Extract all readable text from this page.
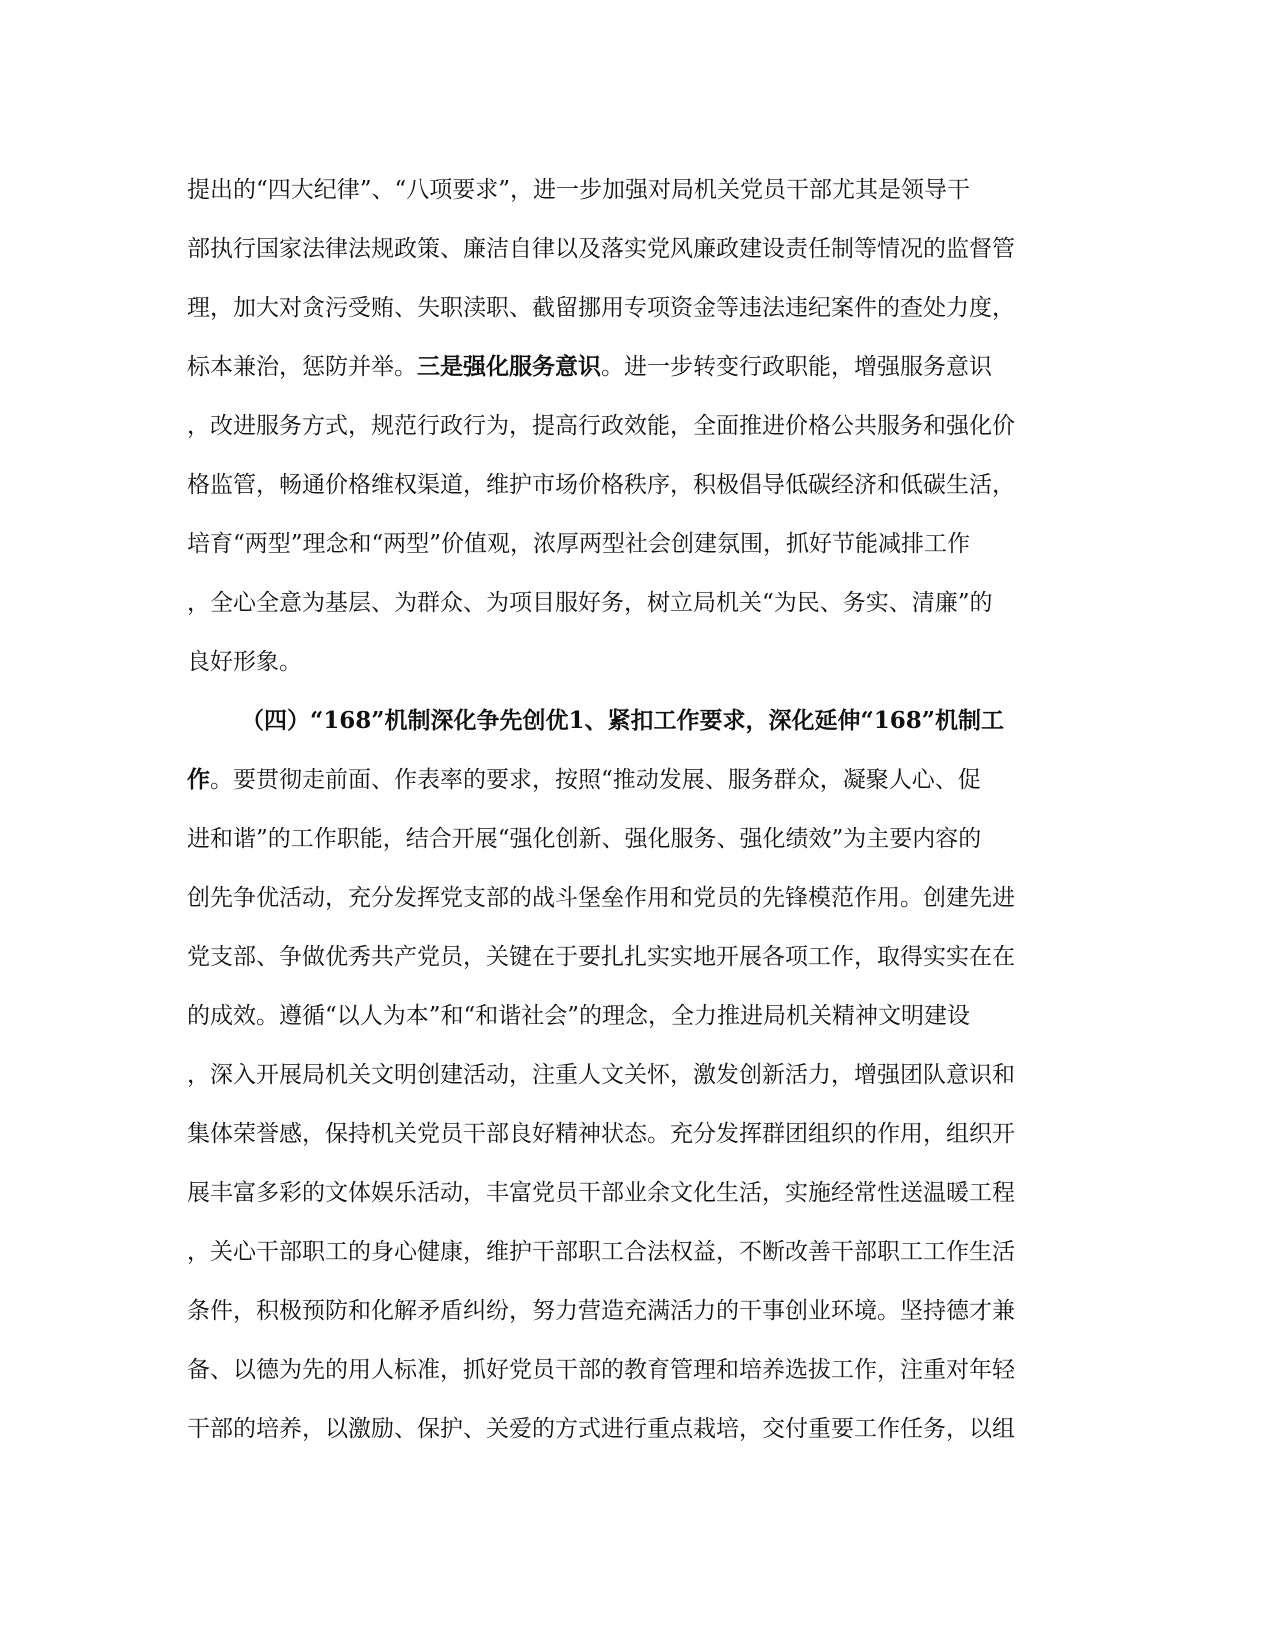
提出的“四大纪律”、“八项要求”，进一步加强对局机关党员干部尤其是领导干
部执行国家法律法规政策、廉洁自律以及落实党风廉政建设责任制等情况的监督管
理，加大对贪污受贿、失职渎职、截留挪用专项资金等违法违纪案件的查处力度，
标本兼治，惩防并举。三是强化服务意识。进一步转变行政职能，增强服务意识
，改进服务方式，规范行政行为，提高行政效能，全面推进价格公共服务和强化价
格监管，畅通价格维权渠道，维护市场价格秩序，积极倡导低碳经济和低碳生活，
培育“两型”理念和“两型”价值观，浓厚两型社会创建氛围，抓好节能减排工作
，全心全意为基层、为群众、为项目服好务，树立局机关“为民、务实、清廉”的
良好形象。
（四）“168”机制深化争先创优1、紧扣工作要求，深化延伸“168”机制工
作。要贯彻走前面、作表率的要求，按照“推动发展、服务群众，凝聚人心、促
进和谐”的工作职能，结合开展“强化创新、强化服务、强化绩效”为主要内容的
创先争优活动，充分发挥党支部的战斗堡垒作用和党员的先锋模范作用。创建先进
党支部、争做优秀共产党员，关键在于要扎扎实实地开展各项工作，取得实实在在
的成效。遵循“以人为本”和“和谐社会”的理念，全力推进局机关精神文明建设
，深入开展局机关文明创建活动，注重人文关怀，激发创新活力，增强团队意识和
集体荣誉感，保持机关党员干部良好精神状态。充分发挥群团组织的作用，组织开
展丰富多彩的文体娱乐活动，丰富党员干部业余文化生活，实施经常性送温暖工程
，关心干部职工的身心健康，维护干部职工合法权益，不断改善干部职工工作生活
条件，积极预防和化解矛盾纠纷，努力营造充满活力的干事创业环境。坚持德才兼
备、以德为先的用人标准，抓好党员干部的教育管理和培养选拔工作，注重对年轻
干部的培养，以激励、保护、关爱的方式进行重点栽培，交付重要工作任务，以组
